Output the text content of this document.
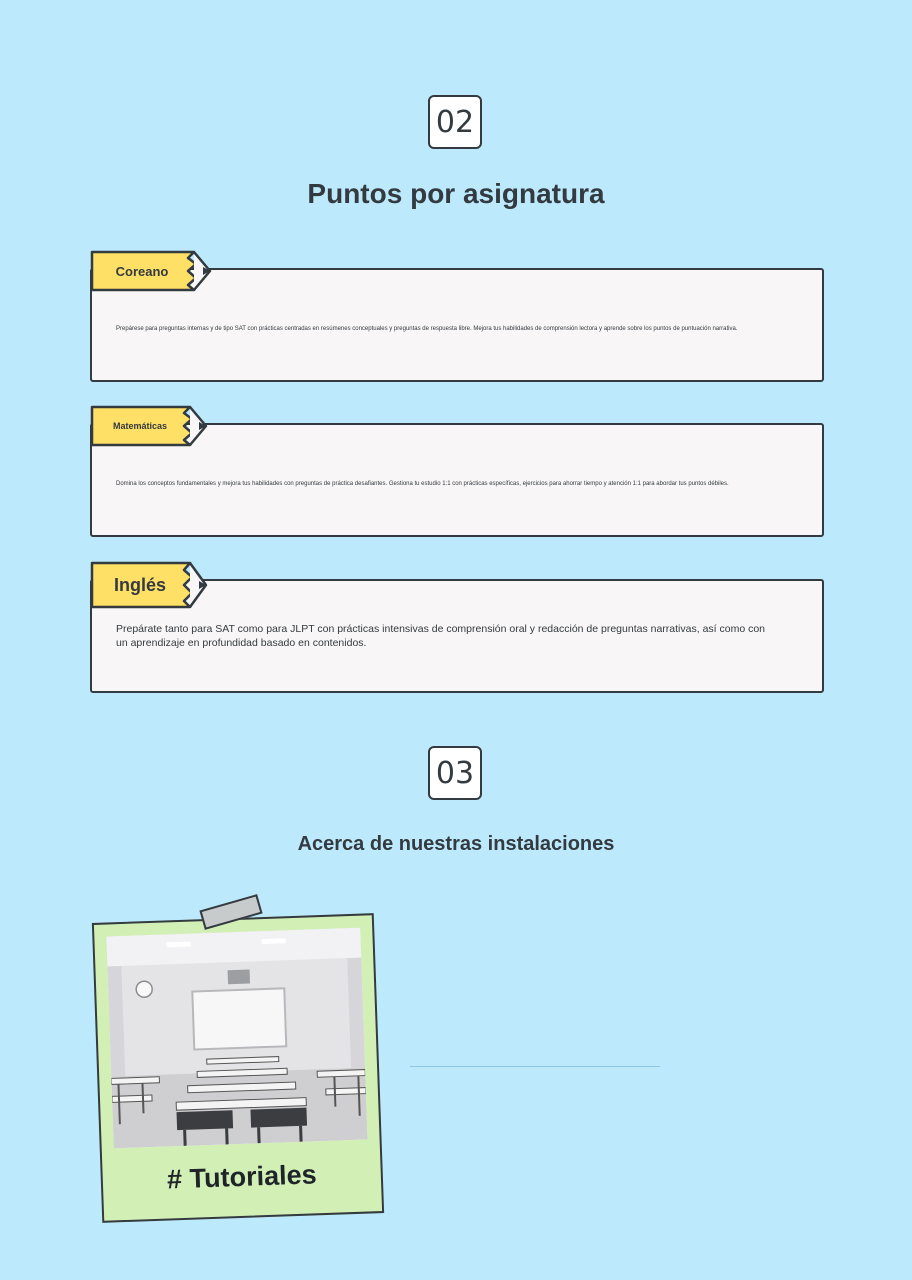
02
Puntos por asignatura
Prepárese para preguntas internas y de tipo SAT con prácticas centradas en resúmenes conceptuales y preguntas de respuesta libre. Mejora tus habilidades de comprensión lectora y aprende sobre los puntos de puntuación narrativa.
Coreano
Domina los conceptos fundamentales y mejora tus habilidades con preguntas de práctica desafiantes. Gestiona tu estudio 1:1 con prácticas específicas, ejercicios para ahorrar tiempo y atención 1:1 para abordar tus puntos débiles.
Matemáticas
Prepárate tanto para SAT como para JLPT con prácticas intensivas de comprensión oral y redacción de preguntas narrativas, así como con un aprendizaje en profundidad basado en contenidos.
Inglés
03
Acerca de nuestras instalaciones
# Tutoriales
